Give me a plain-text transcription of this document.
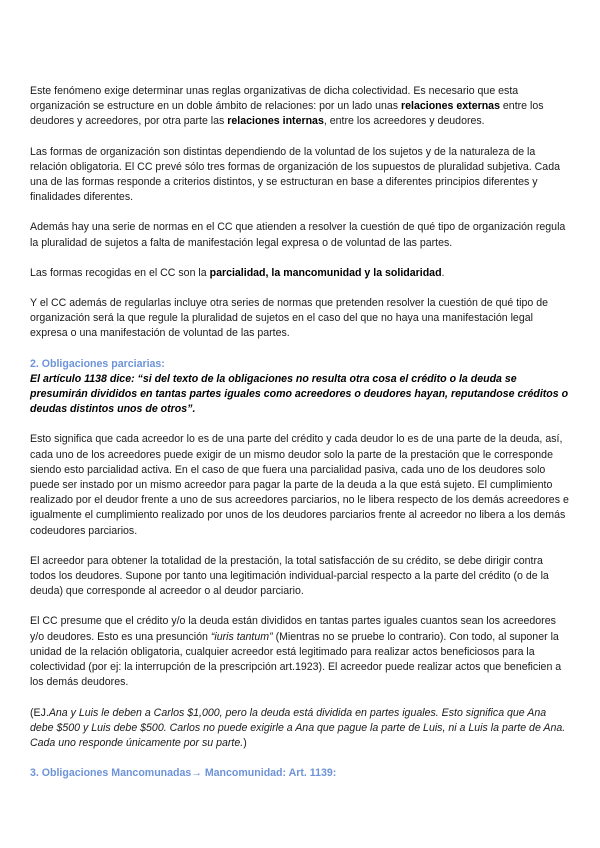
Este fenómeno exige determinar unas reglas organizativas de dicha colectividad. Es necesario que esta organización se estructure en un doble ámbito de relaciones: por un lado unas relaciones externas entre los deudores y acreedores, por otra parte las relaciones internas, entre los acreedores y deudores.

Las formas de organización son distintas dependiendo de la voluntad de los sujetos y de la naturaleza de la relación obligatoria. El CC prevé sólo tres formas de organización de los supuestos de pluralidad subjetiva. Cada una de las formas responde a criterios distintos, y se estructuran en base a diferentes principios diferentes y finalidades diferentes.

Además hay una serie de normas en el CC que atienden a resolver la cuestión de qué tipo de organización regula la pluralidad de sujetos a falta de manifestación legal expresa o de voluntad de las partes.

Las formas recogidas en el CC son la parcialidad, la mancomunidad y la solidaridad.

Y el CC además de regularlas incluye otra series de normas que pretenden resolver la cuestión de qué tipo de organización será la que regule la pluralidad de sujetos en el caso del que no haya una manifestación legal expresa o una manifestación de voluntad de las partes.

2. Obligaciones parciarias:

El artículo 1138 dice: “si del texto de la obligaciones no resulta otra cosa el crédito o la deuda se presumirán divididos en tantas partes iguales como acreedores o deudores hayan, reputandose créditos o deudas distintos unos de otros”.

Esto significa que cada acreedor lo es de una parte del crédito y cada deudor lo es de una parte de la deuda, así, cada uno de los acreedores puede exigir de un mismo deudor solo la parte de la prestación que le corresponde siendo esto parcialidad activa. En el caso de que fuera una parcialidad pasiva, cada uno de los deudores solo puede ser instado por un mismo acreedor para pagar la parte de la deuda a la que está sujeto. El cumplimiento realizado por el deudor frente a uno de sus acreedores parciarios, no le libera respecto de los demás acreedores e igualmente el cumplimiento realizado por unos de los deudores parciarios frente al acreedor no libera a los demás codeudores parciarios.

El acreedor para obtener la totalidad de la prestación, la total satisfacción de su crédito, se debe dirigir contra todos los deudores. Supone por tanto una legitimación individual-parcial respecto a la parte del crédito (o de la deuda) que corresponde al acreedor o al deudor parciario.

El CC presume que el crédito y/o la deuda están divididos en tantas partes iguales cuantos sean los acreedores y/o deudores. Esto es una presunción “iuris tantum” (Mientras no se pruebe lo contrario). Con todo, al suponer la unidad de la relación obligatoria, cualquier acreedor está legitimado para realizar actos beneficiosos para la colectividad (por ej: la interrupción de la prescripción art.1923). El acreedor puede realizar actos que beneficien a los demás deudores.

(EJ.Ana y Luis le deben a Carlos $1,000, pero la deuda está dividida en partes iguales. Esto significa que Ana debe $500 y Luis debe $500. Carlos no puede exigirle a Ana que pague la parte de Luis, ni a Luis la parte de Ana. Cada uno responde únicamente por su parte.)

3. Obligaciones Mancomunadas→ Mancomunidad: Art. 1139:
